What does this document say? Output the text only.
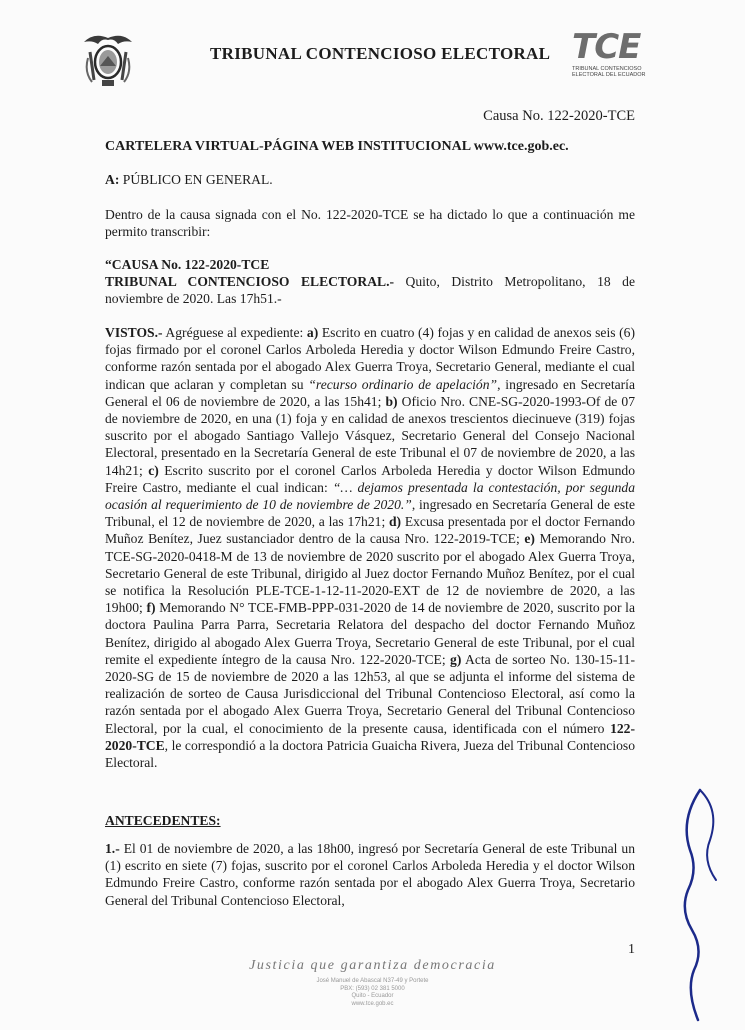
TRIBUNAL CONTENCIOSO ELECTORAL TCE
TRIBUNAL CONTENCIOSO
ELECTORAL DEL ECUADOR
Causa No. 122-2020-TCE
CARTELERA VIRTUAL-PÁGINA WEB INSTITUCIONAL www.tce.gob.ec.
A: PÚBLICO EN GENERAL.
Dentro de la causa signada con el No. 122-2020-TCE se ha dictado lo que a continuación me permito transcribir:
“CAUSA No. 122-2020-TCE
TRIBUNAL CONTENCIOSO ELECTORAL.- Quito, Distrito Metropolitano, 18 de noviembre de 2020. Las 17h51.-
VISTOS.- Agréguese al expediente: a) Escrito en cuatro (4) fojas y en calidad de anexos seis (6) fojas firmado por el coronel Carlos Arboleda Heredia y doctor Wilson Edmundo Freire Castro, conforme razón sentada por el abogado Alex Guerra Troya, Secretario General, mediante el cual indican que aclaran y completan su “recurso ordinario de apelación”, ingresado en Secretaría General el 06 de noviembre de 2020, a las 15h41; b) Oficio Nro. CNE-SG-2020-1993-Of de 07 de noviembre de 2020, en una (1) foja y en calidad de anexos trescientos diecinueve (319) fojas suscrito por el abogado Santiago Vallejo Vásquez, Secretario General del Consejo Nacional Electoral, presentado en la Secretaría General de este Tribunal el 07 de noviembre de 2020, a las 14h21; c) Escrito suscrito por el coronel Carlos Arboleda Heredia y doctor Wilson Edmundo Freire Castro, mediante el cual indican: “… dejamos presentada la contestación, por segunda ocasión al requerimiento de 10 de noviembre de 2020.”, ingresado en Secretaría General de este Tribunal, el 12 de noviembre de 2020, a las 17h21; d) Excusa presentada por el doctor Fernando Muñoz Benítez, Juez sustanciador dentro de la causa Nro. 122-2019-TCE; e) Memorando Nro. TCE-SG-2020-0418-M de 13 de noviembre de 2020 suscrito por el abogado Alex Guerra Troya, Secretario General de este Tribunal, dirigido al Juez doctor Fernando Muñoz Benítez, por el cual se notifica la Resolución PLE-TCE-1-12-11-2020-EXT de 12 de noviembre de 2020, a las 19h00; f) Memorando N° TCE-FMB-PPP-031-2020 de 14 de noviembre de 2020, suscrito por la doctora Paulina Parra Parra, Secretaria Relatora del despacho del doctor Fernando Muñoz Benítez, dirigido al abogado Alex Guerra Troya, Secretario General de este Tribunal, por el cual remite el expediente íntegro de la causa Nro. 122-2020-TCE; g) Acta de sorteo No. 130-15-11-2020-SG de 15 de noviembre de 2020 a las 12h53, al que se adjunta el informe del sistema de realización de sorteo de Causa Jurisdiccional del Tribunal Contencioso Electoral, así como la razón sentada por el abogado Alex Guerra Troya, Secretario General del Tribunal Contencioso Electoral, por la cual, el conocimiento de la presente causa, identificada con el número 122-2020-TCE, le correspondió a la doctora Patricia Guaicha Rivera, Jueza del Tribunal Contencioso Electoral.
ANTECEDENTES:
1.- El 01 de noviembre de 2020, a las 18h00, ingresó por Secretaría General de este Tribunal un (1) escrito en siete (7) fojas, suscrito por el coronel Carlos Arboleda Heredia y el doctor Wilson Edmundo Freire Castro, conforme razón sentada por el abogado Alex Guerra Troya, Secretario General del Tribunal Contencioso Electoral,
1
Justicia que garantiza democracia
José Manuel de Abascal N37-49 y Portete
PBX: (593) 02 381 5000
Quito - Ecuador
www.tce.gob.ec
